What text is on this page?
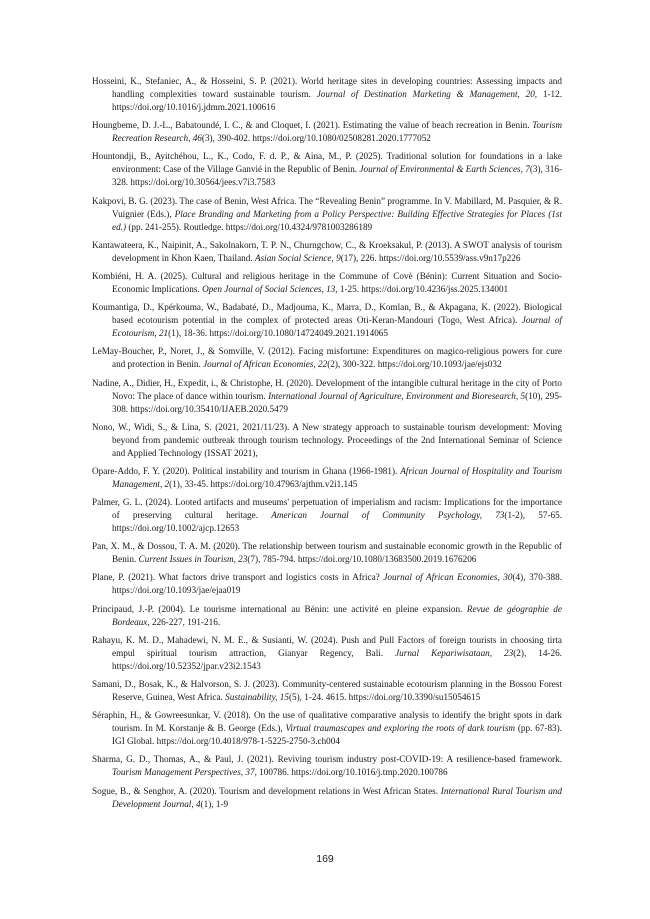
Hosseini, K., Stefaniec, A., & Hosseini, S. P. (2021). World heritage sites in developing countries: Assessing impacts and handling complexities toward sustainable tourism. Journal of Destination Marketing & Management, 20, 1-12. https://doi.org/10.1016/j.jdmm.2021.100616
Houngbeme, D. J.-L., Babatoundé, I. C., & and Cloquet, I. (2021). Estimating the value of beach recreation in Benin. Tourism Recreation Research, 46(3), 390-402. https://doi.org/10.1080/02508281.2020.1777052
Hountondji, B., Ayitchéhou, L., K., Codo, F. d. P., & Aina, M., P. (2025). Traditional solution for foundations in a lake environment: Case of the Village Ganvié in the Republic of Benin. Journal of Environmental & Earth Sciences, 7(3), 316-328. https://doi.org/10.30564/jees.v7i3.7583
Kakpovi, B. G. (2023). The case of Benin, West Africa. The “Revealing Benin” programme. In V. Mabillard, M. Pasquier, & R. Vuignier (Eds.), Place Branding and Marketing from a Policy Perspective: Building Effective Strategies for Places (1st ed.) (pp. 241-255). Routledge. https://doi.org/10.4324/9781003286189
Kantawateera, K., Naipinit, A., Sakolnakorn, T. P. N., Churngchow, C., & Kroeksakul, P. (2013). A SWOT analysis of tourism development in Khon Kaen, Thailand. Asian Social Science, 9(17), 226. https://doi.org/10.5539/ass.v9n17p226
Kombiéni, H. A. (2025). Cultural and religious heritage in the Commune of Covè (Bénin): Current Situation and Socio-Economic Implications. Open Journal of Social Sciences, 13, 1-25. https://doi.org/10.4236/jss.2025.134001
Koumantiga, D., Kpérkouma, W., Badabaté, D., Madjouma, K., Marra, D., Komlan, B., & Akpagana, K. (2022). Biological based ecotourism potential in the complex of protected areas Oti-Keran-Mandouri (Togo, West Africa). Journal of Ecotourism, 21(1), 18-36. https://doi.org/10.1080/14724049.2021.1914065
LeMay-Boucher, P., Noret, J., & Somville, V. (2012). Facing misfortune: Expenditures on magico-religious powers for cure and protection in Benin. Journal of African Economies, 22(2), 300-322. https://doi.org/10.1093/jae/ejs032
Nadine, A., Didier, H., Expedit, i., & Christophe, H. (2020). Development of the intangible cultural heritage in the city of Porto Novo: The place of dance within tourism. International Journal of Agriculture, Environment and Bioresearch, 5(10), 295- 308. https://doi.org/10.35410/IJAEB.2020.5479
Nono, W., Widi, S., & Lina, S. (2021, 2021/11/23). A New strategy approach to sustainable tourism development: Moving beyond from pandemic outbreak through tourism technology. Proceedings of the 2nd International Seminar of Science and Applied Technology (ISSAT 2021),
Opare-Addo, F. Y. (2020). Political instability and tourism in Ghana (1966-1981). African Journal of Hospitality and Tourism Management, 2(1), 33-45. https://doi.org/10.47963/ajthm.v2i1.145
Palmer, G. L. (2024). Looted artifacts and museums' perpetuation of imperialism and racism: Implications for the importance of preserving cultural heritage. American Journal of Community Psychology, 73(1-2), 57-65. https://doi.org/10.1002/ajcp.12653
Pan, X. M., & Dossou, T. A. M. (2020). The relationship between tourism and sustainable economic growth in the Republic of Benin. Current Issues in Tourism, 23(7), 785-794. https://doi.org/10.1080/13683500.2019.1676206
Plane, P. (2021). What factors drive transport and logistics costs in Africa? Journal of African Economies, 30(4), 370-388. https://doi.org/10.1093/jae/ejaa019
Principaud, J.-P. (2004). Le tourisme international au Bénin: une activité en pleine expansion. Revue de géographie de Bordeaux, 226-227, 191-216.
Rahayu, K. M. D., Mahadewi, N. M. E., & Susianti, W. (2024). Push and Pull Factors of foreign tourists in choosing tirta empul spiritual tourism attraction, Gianyar Regency, Bali. Jurnal Kepariwisataan, 23(2), 14-26. https://doi.org/10.52352/jpar.v23i2.1543
Samani, D., Bosak, K., & Halvorson, S. J. (2023). Community-centered sustainable ecotourism planning in the Bossou Forest Reserve, Guinea, West Africa. Sustainability, 15(5), 1-24. 4615. https://doi.org/10.3390/su15054615
Séraphin, H., & Gowreesunkar, V. (2018). On the use of qualitative comparative analysis to identify the bright spots in dark tourism. In M. Korstanje & B. George (Eds.), Virtual traumascapes and exploring the roots of dark tourism (pp. 67-83). IGI Global. https://doi.org/10.4018/978-1-5225-2750-3.ch004
Sharma, G. D., Thomas, A., & Paul, J. (2021). Reviving tourism industry post-COVID-19: A resilience-based framework. Tourism Management Perspectives, 37, 100786. https://doi.org/10.1016/j.tmp.2020.100786
Sogue, B., & Senghor, A. (2020). Tourism and development relations in West African States. International Rural Tourism and Development Journal, 4(1), 1-9
169
